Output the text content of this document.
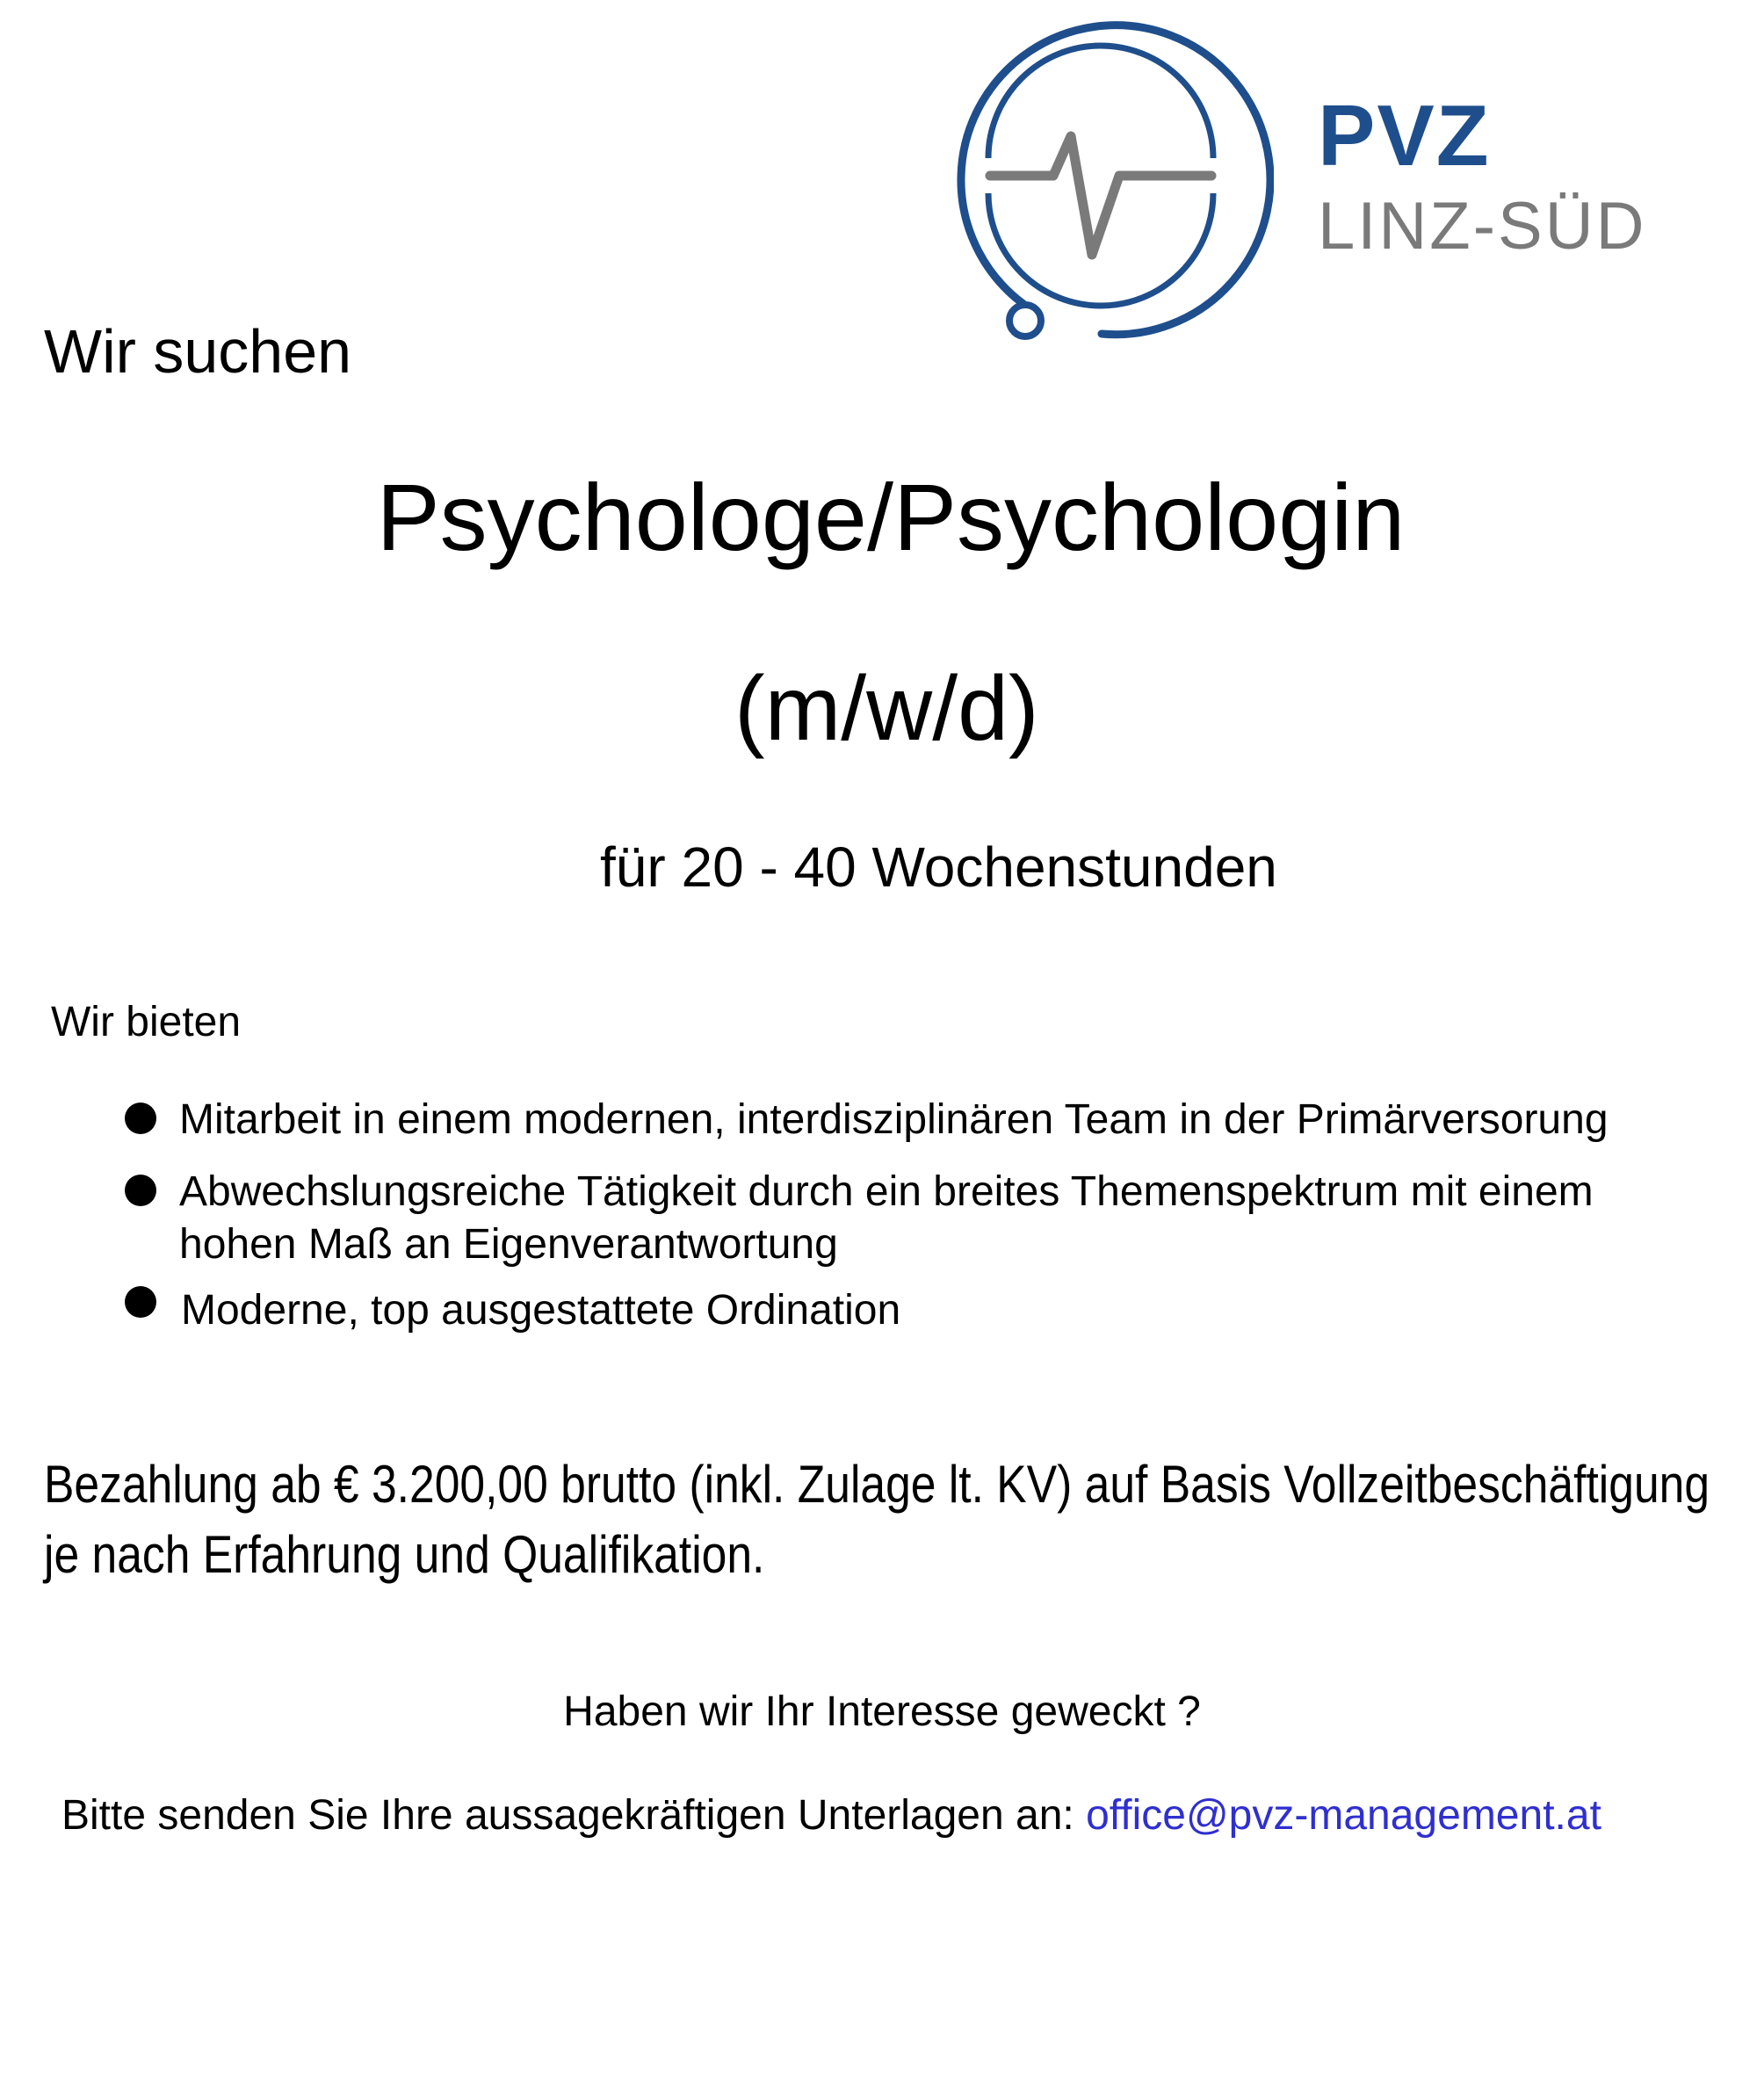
PVZ
LINZ-SÜD
Wir suchen
Psychologe/Psychologin
(m/w/d)
für 20 - 40 Wochenstunden
Wir bieten
Mitarbeit in einem modernen, interdisziplinären Team in der Primärversorung
Abwechslungsreiche Tätigkeit durch ein breites Themenspektrum mit einem
hohen Maß an Eigenverantwortung
Moderne, top ausgestattete Ordination
Bezahlung ab € 3.200,00 brutto (inkl. Zulage lt. KV) auf Basis Vollzeitbeschäftigung
je nach Erfahrung und Qualifikation.
Haben wir Ihr Interesse geweckt ?
Bitte senden Sie Ihre aussagekräftigen Unterlagen an: office@pvz-management.at
